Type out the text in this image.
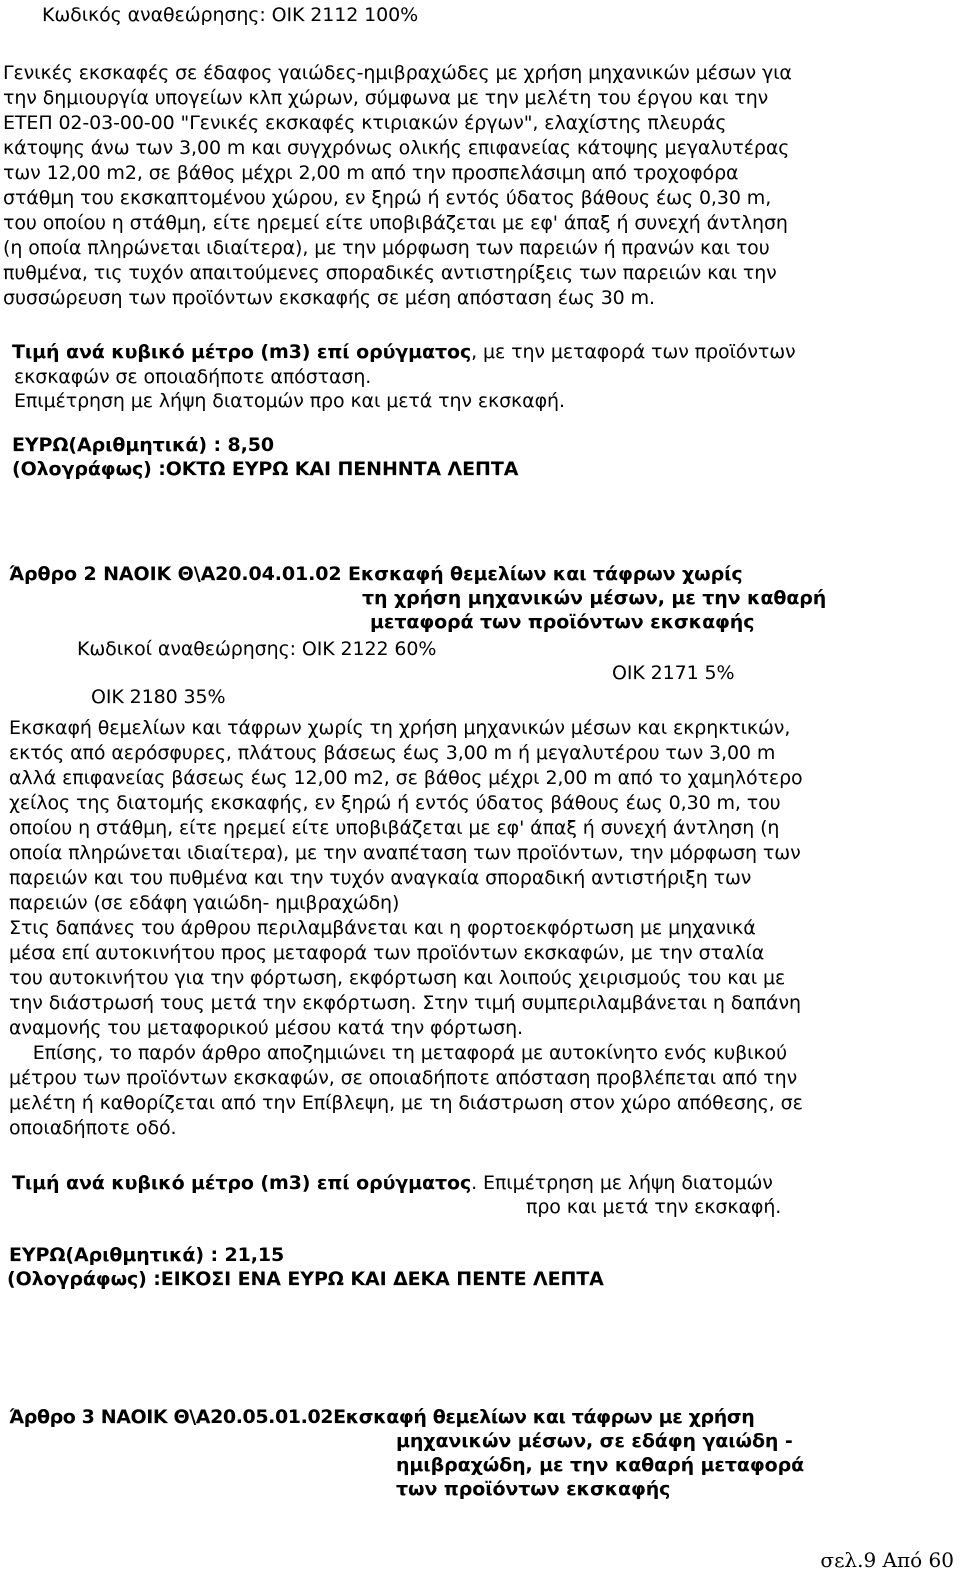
Κωδικός αναθεώρησης: ΟΙΚ 2112 100%
Γενικές εκσκαφές σε έδαφος γαιώδες-ημιβραχώδες με χρήση μηχανικών μέσων για
την δημιουργία υπογείων κλπ χώρων, σύμφωνα με την μελέτη του έργου και την
ΕΤΕΠ 02-03-00-00 "Γενικές εκσκαφές κτιριακών έργων", ελαχίστης πλευράς
κάτοψης άνω των 3,00 m και συγχρόνως ολικής επιφανείας κάτοψης μεγαλυτέρας
των 12,00 m2, σε βάθος μέχρι 2,00 m από την προσπελάσιμη από τροχοφόρα
στάθμη του εκσκαπτομένου χώρου, εν ξηρώ ή εντός ύδατος βάθους έως 0,30 m,
του οποίου η στάθμη, είτε ηρεμεί είτε υποβιβάζεται με εφ' άπαξ ή συνεχή άντληση
(η οποία πληρώνεται ιδιαίτερα), με την μόρφωση των παρειών ή πρανών και του
πυθμένα, τις τυχόν απαιτούμενες σποραδικές αντιστηρίξεις των παρειών και την
συσσώρευση των προϊόντων εκσκαφής σε μέση απόσταση έως 30 m.
Τιμή ανά κυβικό μέτρο (m3) επί ορύγματος, με την μεταφορά των προϊόντων
εκσκαφών σε οποιαδήποτε απόσταση.
Επιμέτρηση με λήψη διατομών προ και μετά την εκσκαφή.
ΕΥΡΩ(Αριθμητικά) : 8,50
(Ολογράφως) :ΟΚΤΩ ΕΥΡΩ ΚΑΙ ΠΕΝΗΝΤΑ ΛΕΠΤΑ
Άρθρο 2 ΝΑΟΙΚ Θ\Α20.04.01.02 Εκσκαφή θεμελίων και τάφρων χωρίς
τη χρήση μηχανικών μέσων, με την καθαρή
μεταφορά των προϊόντων εκσκαφής
Κωδικοί αναθεώρησης: ΟΙΚ 2122 60%
ΟΙΚ 2171 5%
ΟΙΚ 2180 35%
Εκσκαφή θεμελίων και τάφρων χωρίς τη χρήση μηχανικών μέσων και εκρηκτικών,
εκτός από αερόσφυρες, πλάτους βάσεως έως 3,00 m ή μεγαλυτέρου των 3,00 m
αλλά επιφανείας βάσεως έως 12,00 m2, σε βάθος μέχρι 2,00 m από το χαμηλότερο
χείλος της διατομής εκσκαφής, εν ξηρώ ή εντός ύδατος βάθους έως 0,30 m, του
οποίου η στάθμη, είτε ηρεμεί είτε υποβιβάζεται με εφ' άπαξ ή συνεχή άντληση (η
οποία πληρώνεται ιδιαίτερα), με την αναπέταση των προϊόντων, την μόρφωση των
παρειών και του πυθμένα και την τυχόν αναγκαία σποραδική αντιστήριξη των
παρειών (σε εδάφη γαιώδη- ημιβραχώδη)
Στις δαπάνες του άρθρου περιλαμβάνεται και η φορτοεκφόρτωση με μηχανικά
μέσα επί αυτοκινήτου προς μεταφορά των προϊόντων εκσκαφών, με την σταλία
του αυτοκινήτου για την φόρτωση, εκφόρτωση και λοιπούς χειρισμούς του και με
την διάστρωσή τους μετά την εκφόρτωση. Στην τιμή συμπεριλαμβάνεται η δαπάνη
αναμονής του μεταφορικού μέσου κατά την φόρτωση.
Επίσης, το παρόν άρθρο αποζημιώνει τη μεταφορά με αυτοκίνητο ενός κυβικού
μέτρου των προϊόντων εκσκαφών, σε οποιαδήποτε απόσταση προβλέπεται από την
μελέτη ή καθορίζεται από την Επίβλεψη, με τη διάστρωση στον χώρο απόθεσης, σε
οποιαδήποτε οδό.
Τιμή ανά κυβικό μέτρο (m3) επί ορύγματος. Επιμέτρηση με λήψη διατομών
προ και μετά την εκσκαφή.
ΕΥΡΩ(Αριθμητικά) : 21,15
(Ολογράφως) :ΕΙΚΟΣΙ ΕΝΑ ΕΥΡΩ ΚΑΙ ΔΕΚΑ ΠΕΝΤΕ ΛΕΠΤΑ
Άρθρο 3 ΝΑΟΙΚ Θ\Α20.05.01.02Εκσκαφή θεμελίων και τάφρων με χρήση
μηχανικών μέσων, σε εδάφη γαιώδη -
ημιβραχώδη, με την καθαρή μεταφορά
των προϊόντων εκσκαφής
σελ.9 Από 60
